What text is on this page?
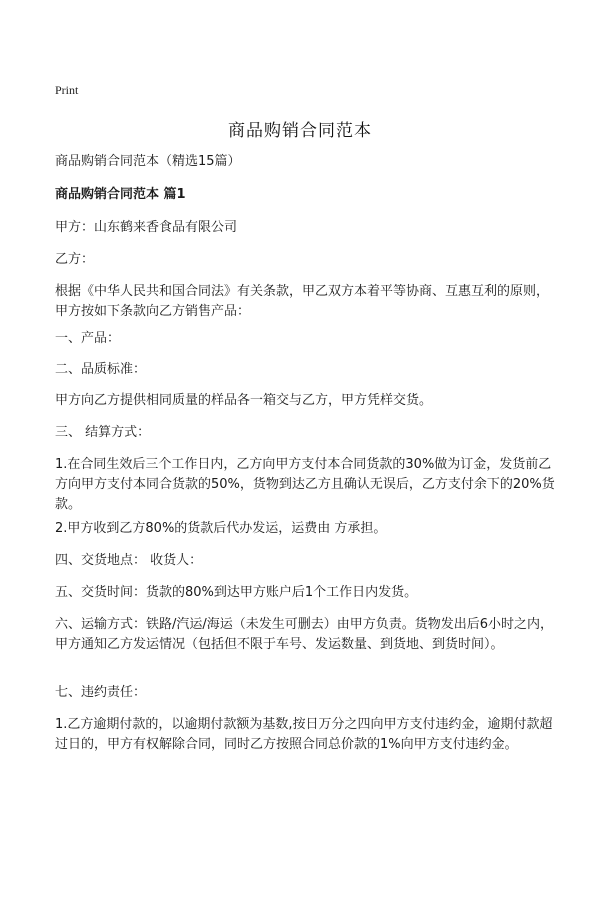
Print
商品购销合同范本

商品购销合同范本（精选15篇）

商品购销合同范本 篇1

甲方：山东鹤来香食品有限公司

乙方：

根据《中华人民共和国合同法》有关条款，甲乙双方本着平等协商、互惠互利的原则，甲方按如下条款向乙方销售产品：

一、产品：

二、品质标准：

甲方向乙方提供相同质量的样品各一箱交与乙方，甲方凭样交货。

三、 结算方式：

1.在合同生效后三个工作日内，乙方向甲方支付本合同货款的30%做为订金，发货前乙方向甲方支付本同合货款的50%，货物到达乙方且确认无误后，乙方支付余下的20%货款。

2.甲方收到乙方80%的货款后代办发运，运费由 方承担。

四、交货地点： 收货人：

五、交货时间：货款的80%到达甲方账户后1个工作日内发货。

六、运输方式：铁路/汽运/海运（未发生可删去）由甲方负责。货物发出后6小时之内，甲方通知乙方发运情况（包括但不限于车号、发运数量、到货地、到货时间）。

七、违约责任：

1.乙方逾期付款的，以逾期付款额为基数,按日万分之四向甲方支付违约金，逾期付款超过日的，甲方有权解除合同，同时乙方按照合同总价款的1%向甲方支付违约金。
